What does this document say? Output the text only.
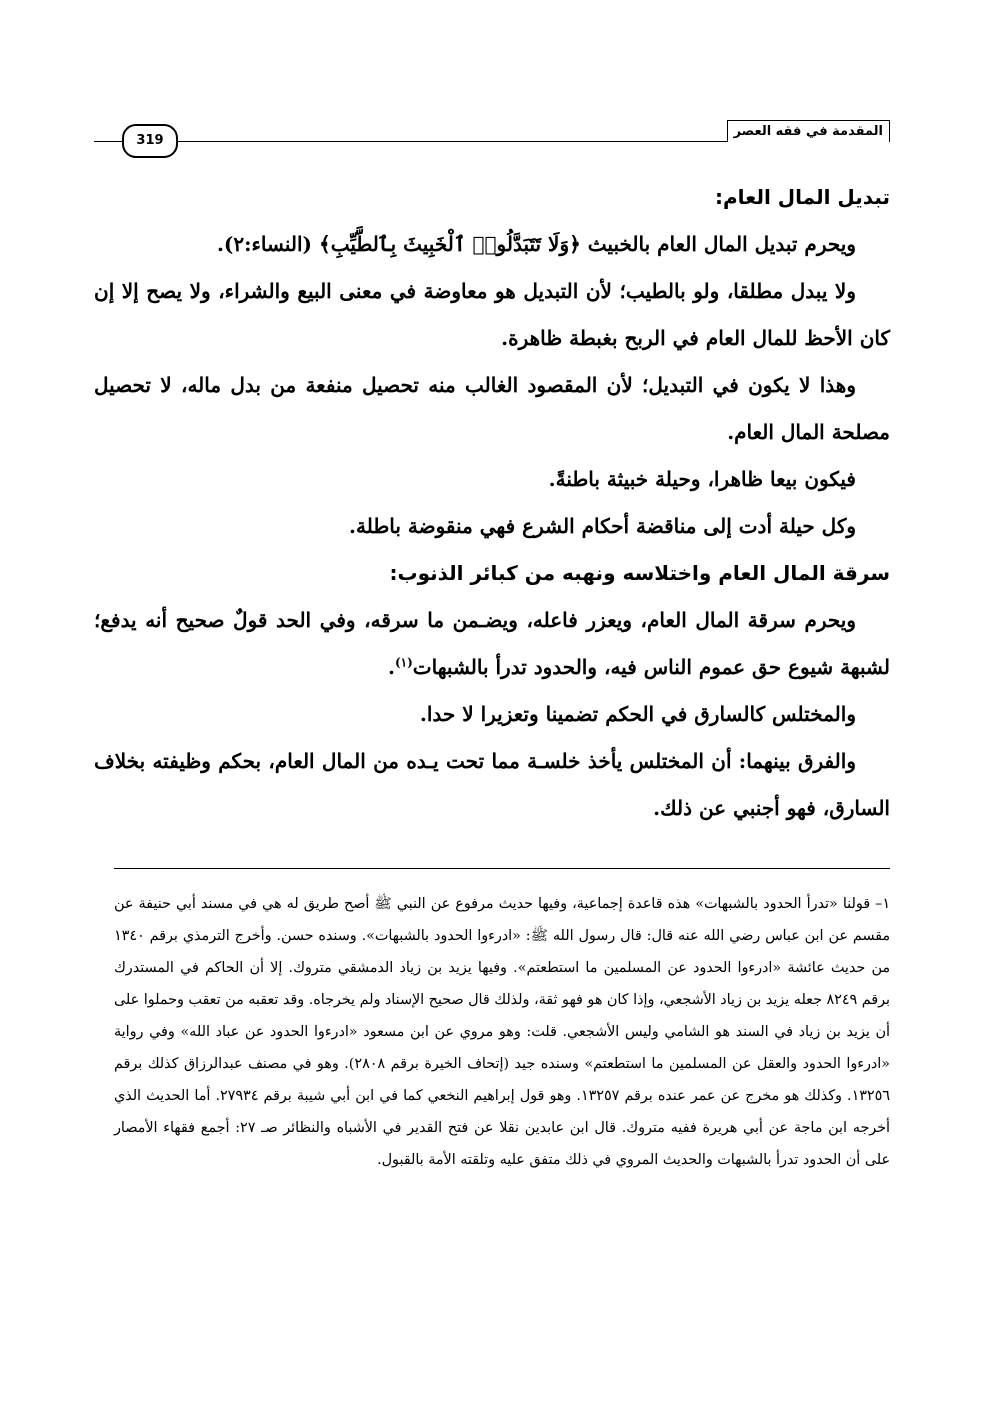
المقدمة في فقه العصر
319
تبديل المال العام:

ويحرم تبديل المال العام بالخبيث ﴿وَلَا تَتَبَدَّلُوا۟ ٱلْخَبِيثَ بِٱلطَّيِّبِ﴾ (النساء:٢).

ولا يبدل مطلقا، ولو بالطيب؛ لأن التبديل هو معاوضة في معنى البيع والشراء، ولا يصح إلا إن كان الأحظ للمال العام في الربح بغبطة ظاهرة.

وهذا لا يكون في التبديل؛ لأن المقصود الغالب منه تحصيل منفعة من بدل ماله، لا تحصيل مصلحة المال العام.

فيكون بيعا ظاهرا، وحيلة خبيثة باطنةً.

وكل حيلة أدت إلى مناقضة أحكام الشرع فهي منقوضة باطلة.

سرقة المال العام واختلاسه ونهبه من كبائر الذنوب:

ويحرم سرقة المال العام، ويعزر فاعله، ويضـمن ما سرقه، وفي الحد قولٌ صحيح أنه يدفع؛ لشبهة شيوع حق عموم الناس فيه، والحدود تدرأ بالشبهات$^{(١)}$.

والمختلس كالسارق في الحكم تضمينا وتعزيرا لا حدا.

والفرق بينهما: أن المختلس يأخذ خلسـة مما تحت يـده من المال العام، بحكم وظيفته بخلاف السارق، فهو أجنبي عن ذلك.

١– قولنا «تدرأ الحدود بالشبهات» هذه قاعدة إجماعية، وفيها حديث مرفوع عن النبي ﷺ أصح طريق له هي في مسند أبي حنيفة عن مقسم عن ابن عباس رضي الله عنه قال: قال رسول الله ﷺ: «ادرءوا الحدود بالشبهات». وسنده حسن. وأخرج الترمذي برقم ١٣٤٠ من حديث عائشة «ادرءوا الحدود عن المسلمين ما استطعتم». وفيها يزيد بن زياد الدمشقي متروك. إلا أن الحاكم في المستدرك برقم ٨٢٤٩ جعله يزيد بن زياد الأشجعي، وإذا كان هو فهو ثقة، ولذلك قال صحيح الإسناد ولم يخرجاه. وقد تعقبه من تعقب وحملوا على أن يزيد بن زياد في السند هو الشامي وليس الأشجعي. قلت: وهو مروي عن ابن مسعود «ادرءوا الحدود عن عباد الله» وفي رواية «ادرءوا الحدود والعقل عن المسلمين ما استطعتم» وسنده جيد (إتحاف الخيرة برقم ٢٨٠٨). وهو في مصنف عبدالرزاق كذلك برقم ١٣٢٥٦. وكذلك هو مخرج عن عمر عنده برقم ١٣٢٥٧. وهو قول إبراهيم النخعي كما في ابن أبي شيبة برقم ٢٧٩٣٤. أما الحديث الذي أخرجه ابن ماجة عن أبي هريرة ففيه متروك. قال ابن عابدين نقلا عن فتح القدير في الأشباه والنظائر صـ ٢٧: أجمع فقهاء الأمصار على أن الحدود تدرأ بالشبهات والحديث المروي في ذلك متفق عليه وتلقته الأمة بالقبول.
